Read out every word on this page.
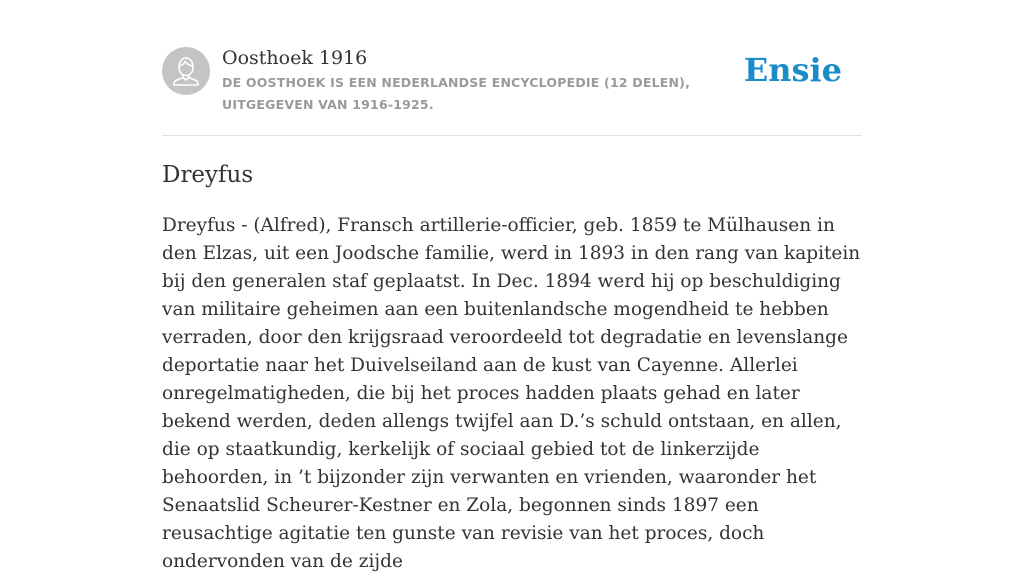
Oosthoek 1916
DE OOSTHOEK IS EEN NEDERLANDSE ENCYCLOPEDIE (12 DELEN), UITGEGEVEN VAN 1916-1925.
Ensie
Dreyfus

Dreyfus - (Alfred), Fransch artillerie-officier, geb. 1859 te Mülhausen in den Elzas, uit een Joodsche familie, werd in 1893 in den rang van kapitein bij den generalen staf geplaatst. In Dec. 1894 werd hij op beschuldiging van militaire geheimen aan een buitenlandsche mogendheid te hebben verraden, door den krijgsraad veroordeeld tot degradatie en levenslange deportatie naar het Duivelseiland aan de kust van Cayenne. Allerlei onregelmatigheden, die bij het proces hadden plaats gehad en later bekend werden, deden allengs twijfel aan D.’s schuld ontstaan, en allen, die op staatkundig, kerkelijk of sociaal gebied tot de linkerzijde behoorden, in ’t bijzonder zijn verwanten en vrienden, waaronder het Senaatslid Scheurer-Kestner en Zola, begonnen sinds 1897 een reusachtige agitatie ten gunste van revisie van het proces, doch ondervonden van de zijde
